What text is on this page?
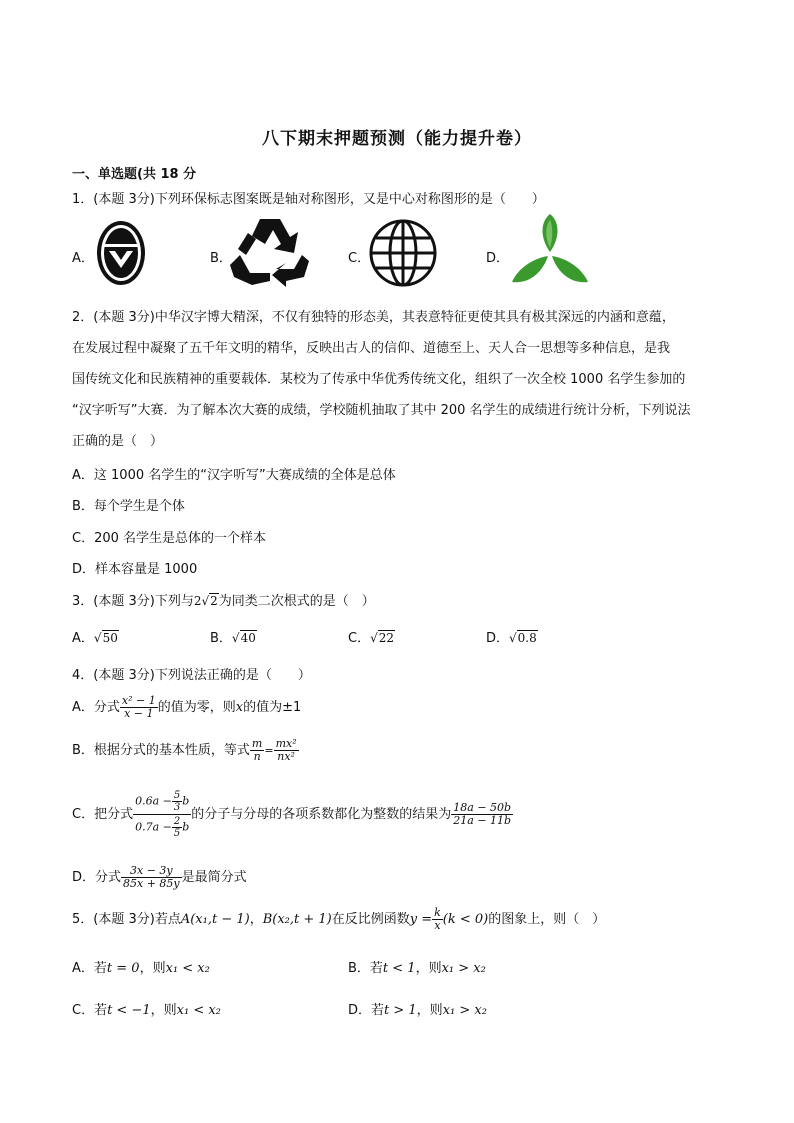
八下期末押题预测（能力提升卷）
一、单选题(共 18 分
1．(本题 3分)下列环保标志图案既是轴对称图形，又是中心对称图形的是（　　）
A．	B．	C．	D．
2．(本题 3分)中华汉字博大精深，不仅有独特的形态美，其表意特征更使其具有极其深远的内涵和意蕴，
在发展过程中凝聚了五千年文明的精华，反映出古人的信仰、道德至上、天人合一思想等多种信息，是我
国传统文化和民族精神的重要载体．某校为了传承中华优秀传统文化，组织了一次全校 1000 名学生参加的
“汉字听写”大赛．为了解本次大赛的成绩，学校随机抽取了其中 200 名学生的成绩进行统计分析，下列说法
正确的是（　）
A．这 1000 名学生的“汉字听写”大赛成绩的全体是总体
B．每个学生是个体
C．200 名学生是总体的一个样本
D．样本容量是 1000
3．(本题 3分)下列与2√2为同类二次根式的是（　）
A．√50	B．√40	C．√22	D．√0.8
4．(本题 3分)下列说法正确的是（　　）
A．分式 $\frac{\text{x² − 1}}{x - 1}$ 的值为零，则x的值为±1
B．根据分式的基本性质，等式 $\frac{m}{n} = \frac{\text{mx²}}{\text{nx²}}$
C．把分式 $\frac{0.6a - \frac{5}{3} b}{0.7a - \frac{2}{5} b}$ 的分子与分母的各项系数都化为整数的结果为 $\frac{18a - 50b}{21a - 11b}$
D．分式 $\frac{3x - 3y}{85x + 85y}$ 是最简分式
5．(本题 3分)若点A(x₁,t − 1)，B(x₂,t + 1)在反比例函数$y = \frac{k}{x} (k < 0)$的图象上，则（　）
A．若t = 0，则x₁ < x₂	B．若t < 1，则x₁ > x₂
C．若t < −1，则x₁ < x₂	D．若t > 1，则x₁ > x₂
